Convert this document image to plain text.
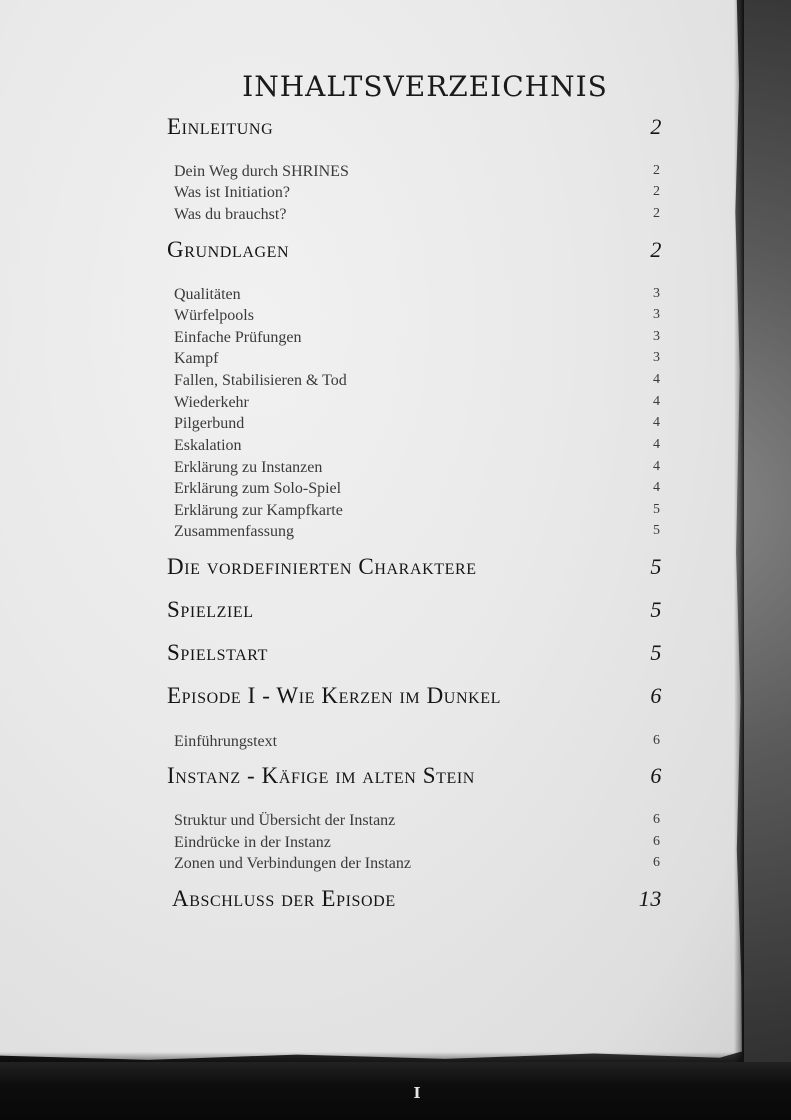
INHALTSVERZEICHNIS
Einleitung	2
Dein Weg durch SHRINES	2
Was ist Initiation?	2
Was du brauchst?	2
Grundlagen	2
Qualitäten	3
Würfelpools	3
Einfache Prüfungen	3
Kampf	3
Fallen, Stabilisieren & Tod	4
Wiederkehr	4
Pilgerbund	4
Eskalation	4
Erklärung zu Instanzen	4
Erklärung zum Solo-Spiel	4
Erklärung zur Kampfkarte	5
Zusammenfassung	5
Die vordefinierten Charaktere	5
Spielziel	5
Spielstart	5
Episode I - Wie Kerzen im Dunkel	6
Einführungstext	6
Instanz - Käfige im alten Stein	6
Struktur und Übersicht der Instanz	6
Eindrücke in der Instanz	6
Zonen und Verbindungen der Instanz	6
Abschluss der Episode	13
I
